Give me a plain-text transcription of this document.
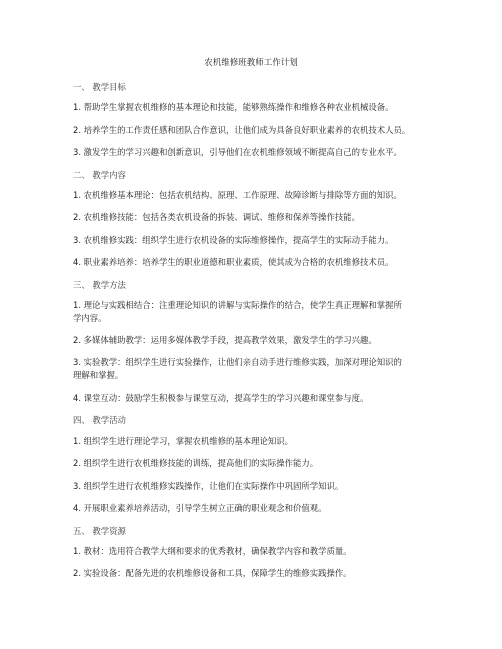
农机维修班教师工作计划
一、 教学目标
1. 帮助学生掌握农机维修的基本理论和技能，能够熟练操作和维修各种农业机械设备。
2. 培养学生的工作责任感和团队合作意识，让他们成为具备良好职业素养的农机技术人员。
3. 激发学生的学习兴趣和创新意识，引导他们在农机维修领域不断提高自己的专业水平。
二、 教学内容
1. 农机维修基本理论：包括农机结构、原理、工作原理、故障诊断与排除等方面的知识。
2. 农机维修技能：包括各类农机设备的拆装、调试、维修和保养等操作技能。
3. 农机维修实践：组织学生进行农机设备的实际维修操作，提高学生的实际动手能力。
4. 职业素养培养：培养学生的职业道德和职业素质，使其成为合格的农机维修技术员。
三、 教学方法
1. 理论与实践相结合：注重理论知识的讲解与实际操作的结合，使学生真正理解和掌握所
学内容。
2. 多媒体辅助教学：运用多媒体教学手段，提高教学效果，激发学生的学习兴趣。
3. 实验教学：组织学生进行实验操作，让他们亲自动手进行维修实践，加深对理论知识的
理解和掌握。
4. 课堂互动：鼓励学生积极参与课堂互动，提高学生的学习兴趣和课堂参与度。
四、 教学活动
1. 组织学生进行理论学习，掌握农机维修的基本理论知识。
2. 组织学生进行农机维修技能的训练，提高他们的实际操作能力。
3. 组织学生进行农机维修实践操作，让他们在实际操作中巩固所学知识。
4. 开展职业素养培养活动，引导学生树立正确的职业观念和价值观。
五、 教学资源
1. 教材：选用符合教学大纲和要求的优秀教材，确保教学内容和教学质量。
2. 实验设备：配备先进的农机维修设备和工具，保障学生的维修实践操作。
